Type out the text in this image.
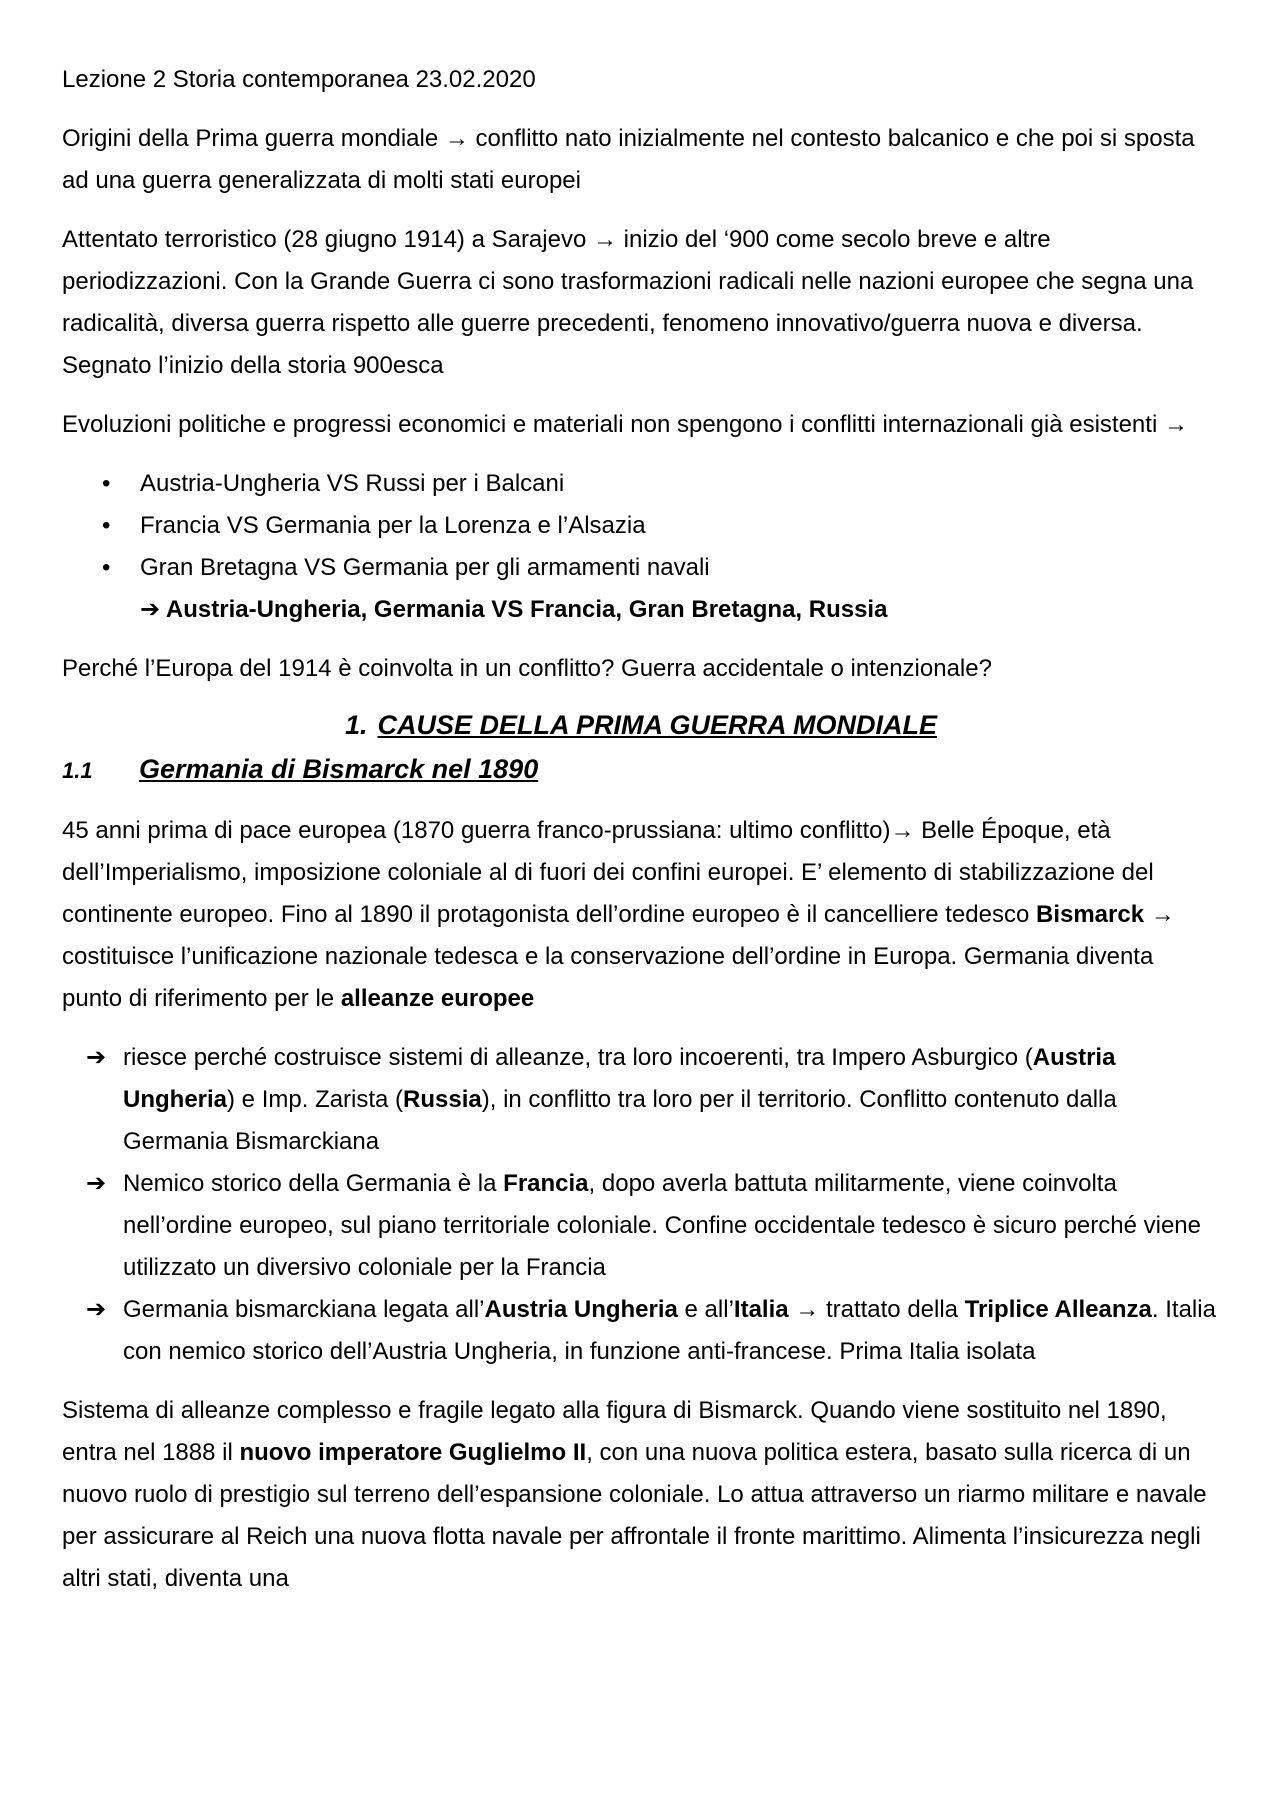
Lezione 2 Storia contemporanea 23.02.2020

Origini della Prima guerra mondiale → conflitto nato inizialmente nel contesto balcanico e che poi si sposta ad una guerra generalizzata di molti stati europei

Attentato terroristico (28 giugno 1914) a Sarajevo → inizio del ‘900 come secolo breve e altre periodizzazioni. Con la Grande Guerra ci sono trasformazioni radicali nelle nazioni europee che segna una radicalità, diversa guerra rispetto alle guerre precedenti, fenomeno innovativo/guerra nuova e diversa. Segnato l’inizio della storia 900esca

Evoluzioni politiche e progressi economici e materiali non spengono i conflitti internazionali già esistenti →

• Austria-Ungheria VS Russi per i Balcani
• Francia VS Germania per la Lorenza e l’Alsazia
• Gran Bretagna VS Germania per gli armamenti navali

➔ Austria-Ungheria, Germania VS Francia, Gran Bretagna, Russia

Perché l’Europa del 1914 è coinvolta in un conflitto? Guerra accidentale o intenzionale?

1. CAUSE DELLA PRIMA GUERRA MONDIALE
1.1 Germania di Bismarck nel 1890

45 anni prima di pace europea (1870 guerra franco-prussiana: ultimo conflitto)→ Belle Époque, età dell’Imperialismo, imposizione coloniale al di fuori dei confini europei. E’ elemento di stabilizzazione del continente europeo. Fino al 1890 il protagonista dell’ordine europeo è il cancelliere tedesco Bismarck → costituisce l’unificazione nazionale tedesca e la conservazione dell’ordine in Europa. Germania diventa punto di riferimento per le alleanze europee

➔ riesce perché costruisce sistemi di alleanze, tra loro incoerenti, tra Impero Asburgico (Austria Ungheria) e Imp. Zarista (Russia), in conflitto tra loro per il territorio. Conflitto contenuto dalla Germania Bismarckiana
➔ Nemico storico della Germania è la Francia, dopo averla battuta militarmente, viene coinvolta nell’ordine europeo, sul piano territoriale coloniale. Confine occidentale tedesco è sicuro perché viene utilizzato un diversivo coloniale per la Francia
➔ Germania bismarckiana legata all’Austria Ungheria e all’Italia → trattato della Triplice Alleanza. Italia con nemico storico dell’Austria Ungheria, in funzione anti-francese. Prima Italia isolata

Sistema di alleanze complesso e fragile legato alla figura di Bismarck. Quando viene sostituito nel 1890, entra nel 1888 il nuovo imperatore Guglielmo II, con una nuova politica estera, basato sulla ricerca di un nuovo ruolo di prestigio sul terreno dell’espansione coloniale. Lo attua attraverso un riarmo militare e navale per assicurare al Reich una nuova flotta navale per affrontale il fronte marittimo. Alimenta l’insicurezza negli altri stati, diventa una
